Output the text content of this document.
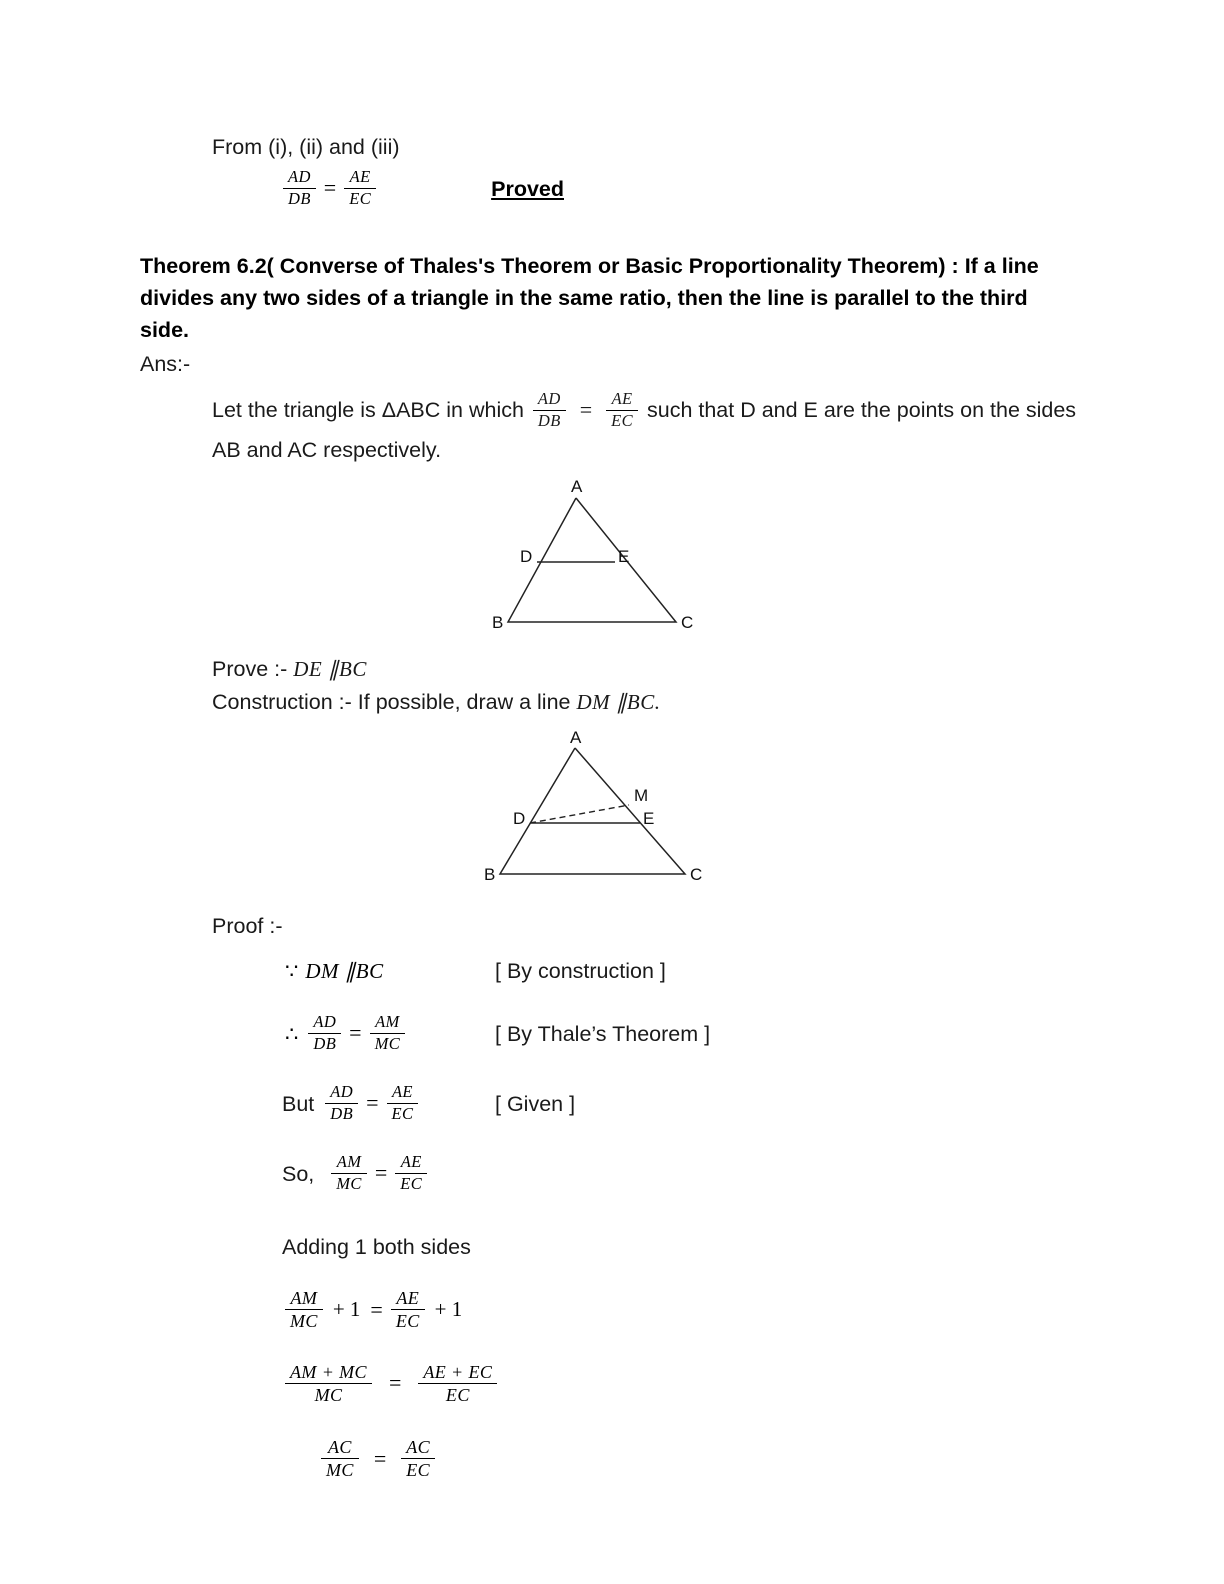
From (i), (ii) and (iii)
$\frac{AD}{DB} = \frac{AE}{EC}$	Proved
Theorem 6.2( Converse of Thales's Theorem or Basic Proportionality Theorem) : If a line divides any two sides of a triangle in the same ratio, then the line is parallel to the third side.
Ans:-
Let the triangle is ΔABC in which $\frac{AD}{DB} = \frac{AE}{EC}$ such that D and E are the points on the sides
AB and AC respectively.
A
B	C
D	E
Prove :- DE ∥BC
Construction :- If possible, draw a line DM ∥BC.
A
B	C
D	E
M
Proof :-
∵ DM ∥BC	[ By construction ]
∴ $\frac{AD}{DB} = \frac{AM}{MC}$	[ By Thale’s Theorem ]
But $\frac{AD}{DB} = \frac{AE}{EC}$	[ Given ]
So, $\frac{AM}{MC} = \frac{AE}{EC}$
Adding 1 both sides
$\frac{AM}{MC} + 1 = \frac{AE}{EC} + 1$
$\frac{AM + MC}{MC} = \frac{AE + EC}{EC}$
$\frac{AC}{MC} = \frac{AC}{EC}$
